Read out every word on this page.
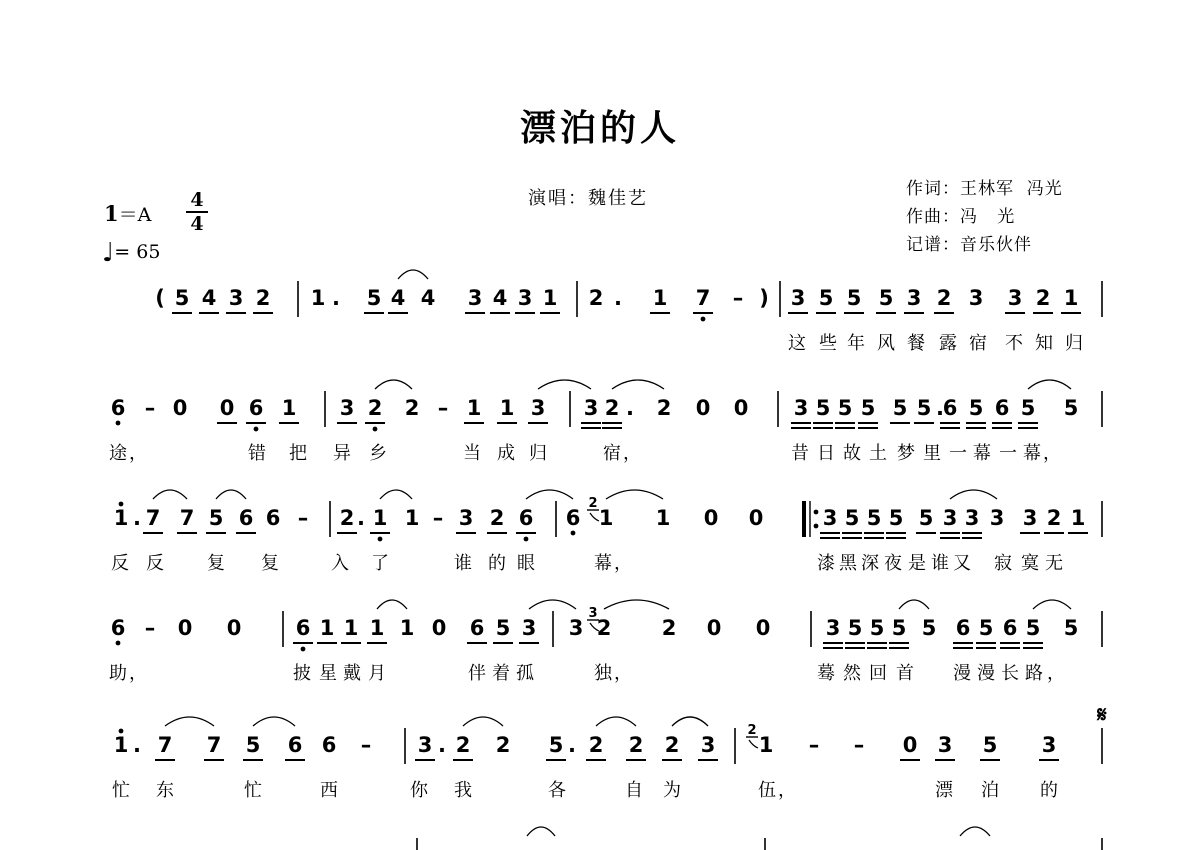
漂泊的人
演唱：魏佳艺	作词：王林军  冯光
作曲：冯   光
记谱：音乐伙伴
1＝A
4
4
♩= 65
( 5 4 3 2 1 . 5 4 4 3 4 3 1 2 . 1 7 – ) 3 5 5 5 3 2 3 3 2 1
这 些 年 风 餐 露 宿 不 知 归
6 – 0 0 6 1 3 2 2 – 1 1 3 3 2 . 2 0 0 3 5 5 5 5 5 .
6 5 6 5 5
途 ，	错 把 异 乡	当 成 归	宿 ，	昔 日 故 土 梦 里 一 幕 一 幕 ，
1 . 7 7 5 6 6 – 2 . 1 1 – 3 2 6 6 1 1 0 0	3 5 5 5 5 3 3 3 3 2 1
2
反 反 复 复	入 了	谁 的 眼	幕 ，	漆 黑 深 夜 是 谁 又 寂 寞 无
6 – 0 0	6 1 1 1 1 0 6 5 3 3 2 2 0 0	3 5 5 5 5 6 5 6 5 5
3
助 ，	披 星 戴 月	伴 着 孤	独 ，	蓦 然 回 首 漫 漫 长 路 ，
1 . 7 7 5 6 6 – 3 . 2 2 5 . 2 2 2 3 1 – – 0 3 5 3
2
𝄋
忙 东	忙	西	你 我	各	自 为	伍 ，	漂 泊 的
